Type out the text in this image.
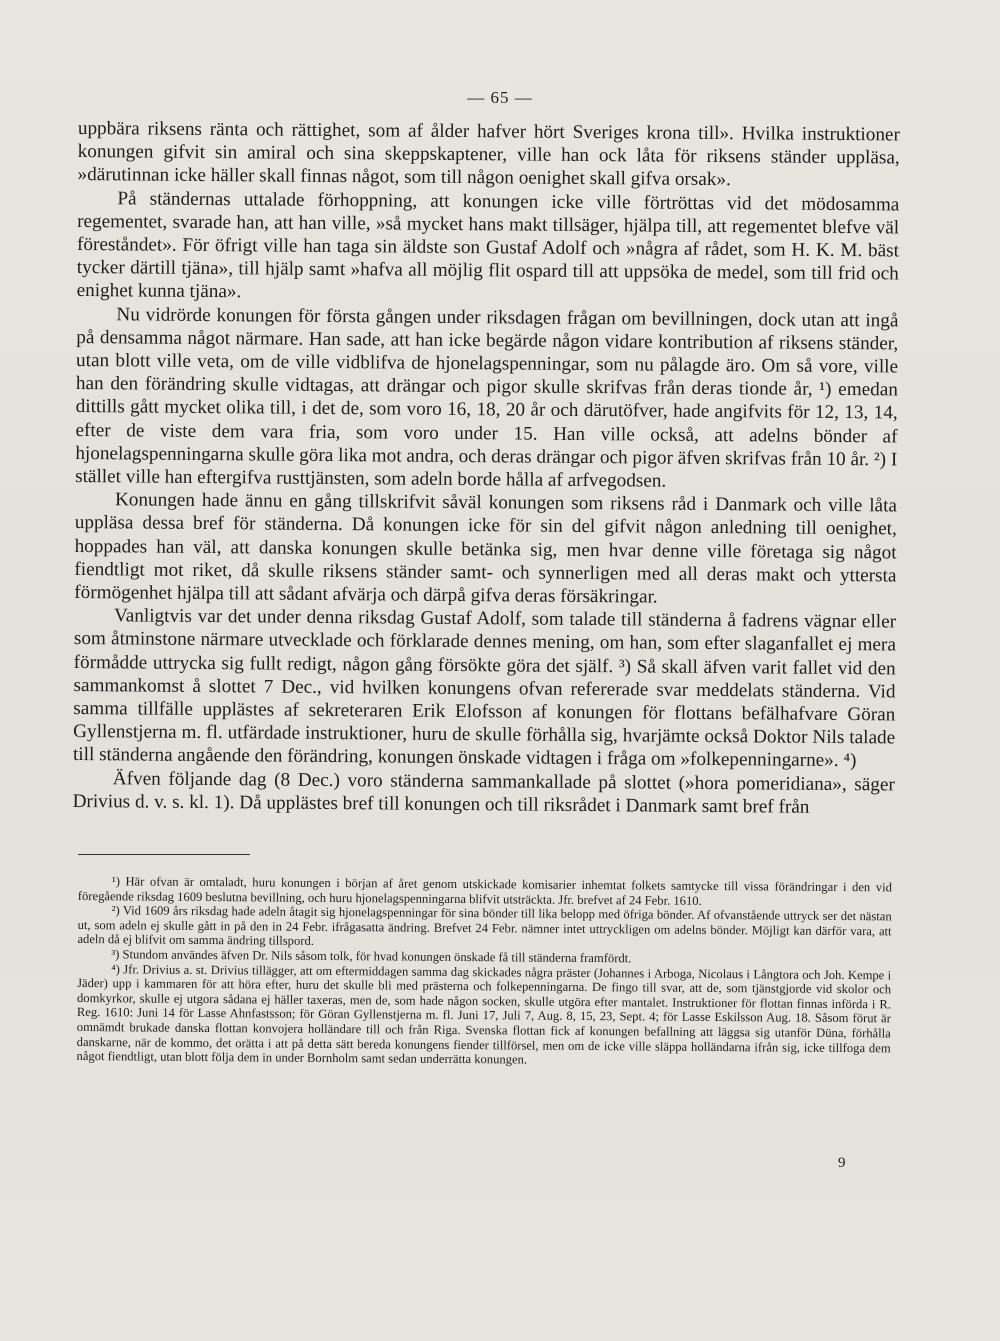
— 65 —

uppbära riksens ränta och rättighet, som af ålder hafver hört Sveriges krona till». Hvilka instruktioner konungen gifvit sin amiral och sina skeppskaptener, ville han ock låta för riksens ständer uppläsa, »därutinnan icke häller skall finnas något, som till någon oenighet skall gifva orsak».

På ständernas uttalade förhoppning, att konungen icke ville förtröttas vid det mödosamma regementet, svarade han, att han ville, »så mycket hans makt tillsäger, hjälpa till, att regementet blefve väl föreståndet». För öfrigt ville han taga sin äldste son Gustaf Adolf och »några af rådet, som H. K. M. bäst tycker därtill tjäna», till hjälp samt »hafva all möjlig flit ospard till att uppsöka de medel, som till frid och enighet kunna tjäna».

Nu vidrörde konungen för första gången under riksdagen frågan om bevillningen, dock utan att ingå på densamma något närmare. Han sade, att han icke begärde någon vidare kontribution af riksens ständer, utan blott ville veta, om de ville vidblifva de hjonelagspenningar, som nu pålagde äro. Om så vore, ville han den förändring skulle vidtagas, att drängar och pigor skulle skrifvas från deras tionde år, ¹) emedan dittills gått mycket olika till, i det de, som voro 16, 18, 20 år och därutöfver, hade angifvits för 12, 13, 14, efter de viste dem vara fria, som voro under 15. Han ville också, att adelns bönder af hjonelagspenningarna skulle göra lika mot andra, och deras drängar och pigor äfven skrifvas från 10 år. ²) I stället ville han eftergifva rusttjänsten, som adeln borde hålla af arfvegodsen.

Konungen hade ännu en gång tillskrifvit såväl konungen som riksens råd i Danmark och ville låta uppläsa dessa bref för ständerna. Då konungen icke för sin del gifvit någon anledning till oenighet, hoppades han väl, att danska konungen skulle betänka sig, men hvar denne ville företaga sig något fiendtligt mot riket, då skulle riksens ständer samt- och synnerligen med all deras makt och yttersta förmögenhet hjälpa till att sådant afvärja och därpå gifva deras försäkringar.

Vanligtvis var det under denna riksdag Gustaf Adolf, som talade till ständerna å fadrens vägnar eller som åtminstone närmare utvecklade och förklarade dennes mening, om han, som efter slaganfallet ej mera förmådde uttrycka sig fullt redigt, någon gång försökte göra det själf. ³) Så skall äfven varit fallet vid den sammankomst å slottet 7 Dec., vid hvilken konungens ofvan refererade svar meddelats ständerna. Vid samma tillfälle upplästes af sekreteraren Erik Elofsson af konungen för flottans befälhafvare Göran Gyllenstjerna m. fl. utfärdade instruktioner, huru de skulle förhålla sig, hvarjämte också Doktor Nils talade till ständerna angående den förändring, konungen önskade vidtagen i fråga om »folkepenningarne». ⁴)

Äfven följande dag (8 Dec.) voro ständerna sammankallade på slottet (»hora pomeridiana», säger Drivius d. v. s. kl. 1). Då upplästes bref till konungen och till riksrådet i Danmark samt bref från

¹) Här ofvan är omtaladt, huru konungen i början af året genom utskickade komisarier inhemtat folkets samtycke till vissa förändringar i den vid föregående riksdag 1609 beslutna bevillning, och huru hjonelagspenningarna blifvit utsträckta. Jfr. brefvet af 24 Febr. 1610.

²) Vid 1609 års riksdag hade adeln åtagit sig hjonelagspenningar för sina bönder till lika belopp med öfriga bönder. Af ofvanstående uttryck ser det nästan ut, som adeln ej skulle gått in på den in 24 Febr. ifrågasatta ändring. Brefvet 24 Febr. nämner intet uttryckligen om adelns bönder. Möjligt kan därför vara, att adeln då ej blifvit om samma ändring tillspord.

³) Stundom användes äfven Dr. Nils såsom tolk, för hvad konungen önskade få till ständerna framfördt.

⁴) Jfr. Drivius a. st. Drivius tillägger, att om eftermiddagen samma dag skickades några präster (Johannes i Arboga, Nicolaus i Långtora och Joh. Kempe i Jäder) upp i kammaren för att höra efter, huru det skulle bli med prästerna och folkepenningarna. De fingo till svar, att de, som tjänstgjorde vid skolor och domkyrkor, skulle ej utgora sådana ej häller taxeras, men de, som hade någon socken, skulle utgöra efter mantalet. Instruktioner för flottan finnas införda i R. Reg. 1610: Juni 14 för Lasse Ahnfastsson; för Göran Gyllenstjerna m. fl. Juni 17, Juli 7, Aug. 8, 15, 23, Sept. 4; för Lasse Eskilsson Aug. 18. Såsom förut är omnämdt brukade danska flottan konvojera holländare till och från Riga. Svenska flottan fick af konungen befallning att läggsa sig utanför Düna, förhålla danskarne, när de kommo, det orätta i att på detta sätt bereda konungens fiender tillförsel, men om de icke ville släppa holländarna ifrån sig, icke tillfoga dem något fiendtligt, utan blott följa dem in under Bornholm samt sedan underrätta konungen.

9
